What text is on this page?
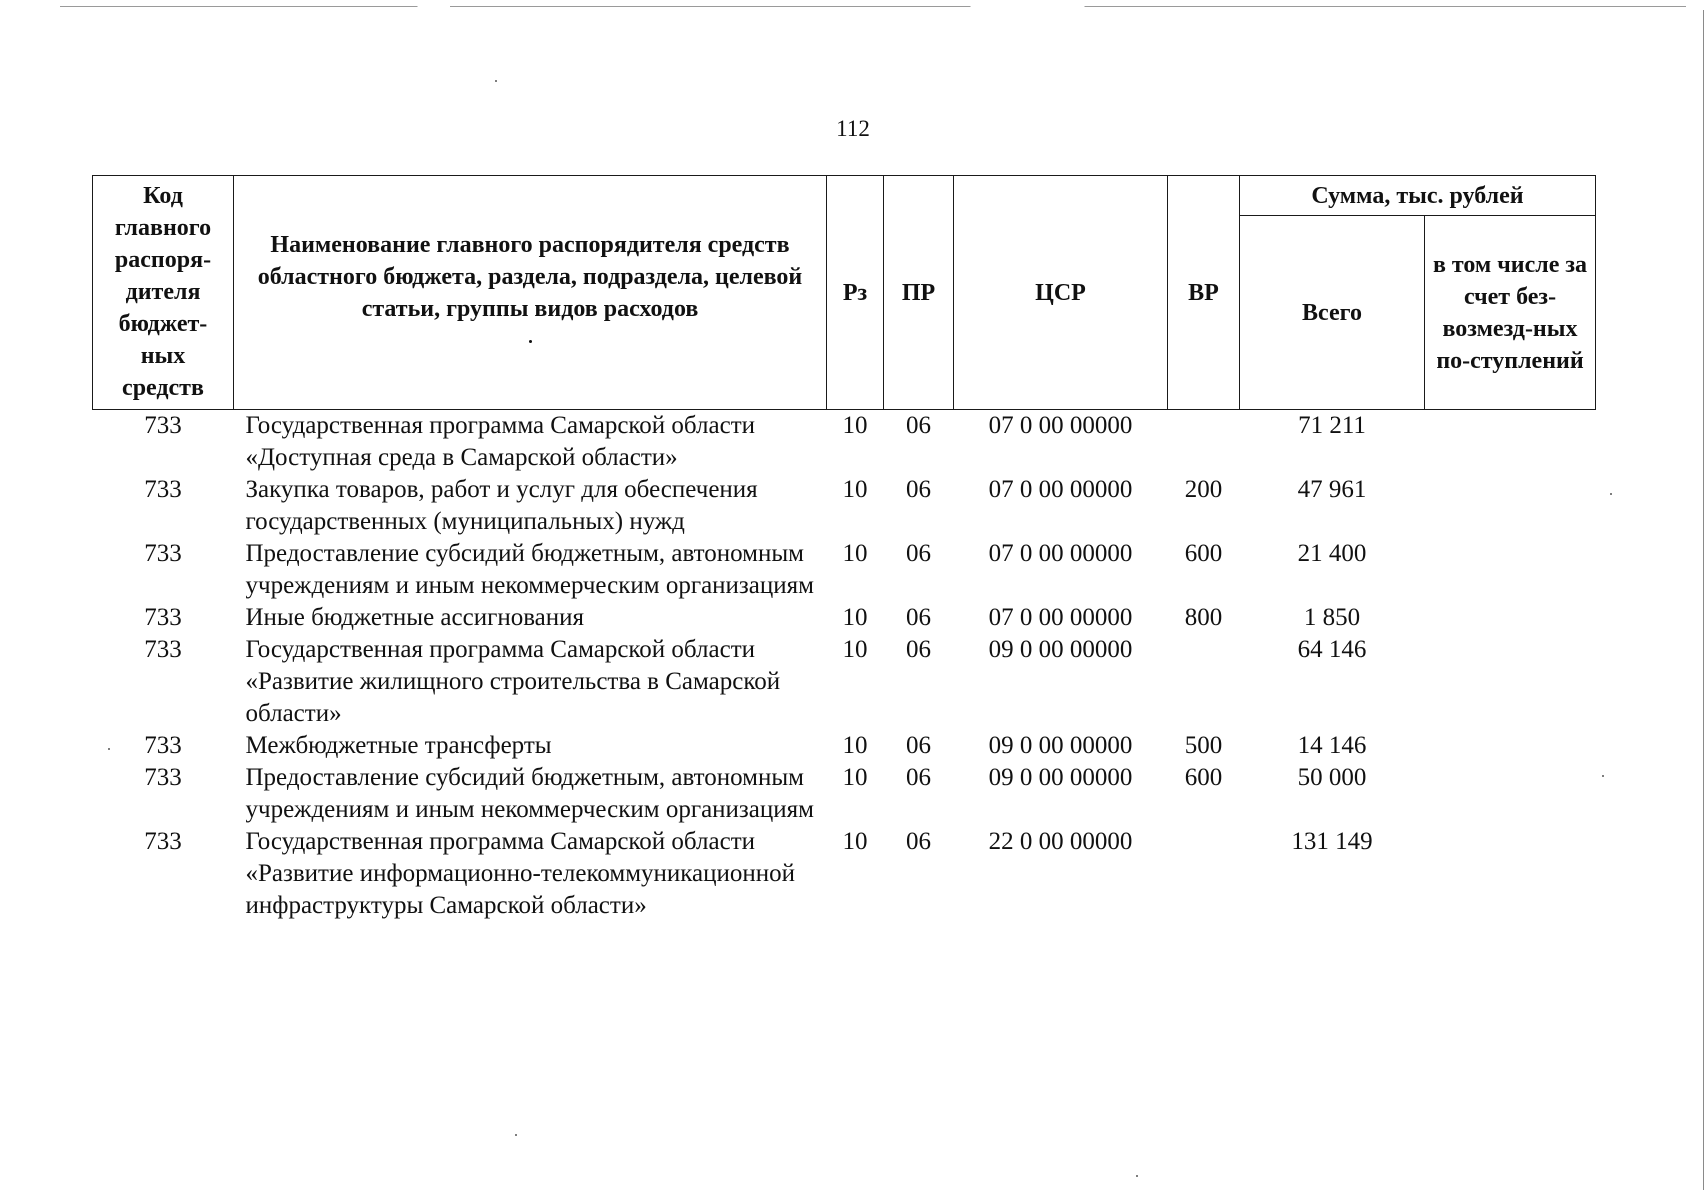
112
Код главного распоря-дителя бюджет-ных средств	Наименование главного распорядителя средств областного бюджета, раздела, подраздела, целевой статьи, группы видов расходов	Рз	ПР	ЦСР	ВР	Сумма, тыс. рублей	
						Всего	в том числе за счет без-возмезд-ных по-ступлений
733	Государственная программа Самарской области «Доступная среда в Самарской области»	10	06	07 0 00 00000		71 211	
733	Закупка товаров, работ и услуг для обеспечения государственных (муниципальных) нужд	10	06	07 0 00 00000	200	47 961	
733	Предоставление субсидий бюджетным, автономным учреждениям и иным некоммерческим организациям	10	06	07 0 00 00000	600	21 400	
733	Иные бюджетные ассигнования	10	06	07 0 00 00000	800	1 850	
733	Государственная программа Самарской области «Развитие жилищного строительства в Самарской области»	10	06	09 0 00 00000		64 146	
733	Межбюджетные трансферты	10	06	09 0 00 00000	500	14 146	
733	Предоставление субсидий бюджетным, автономным учреждениям и иным некоммерческим организациям	10	06	09 0 00 00000	600	50 000	
733	Государственная программа Самарской области «Развитие информационно-телекоммуникационной инфраструктуры Самарской области»	10	06	22 0 00 00000		131 149	
